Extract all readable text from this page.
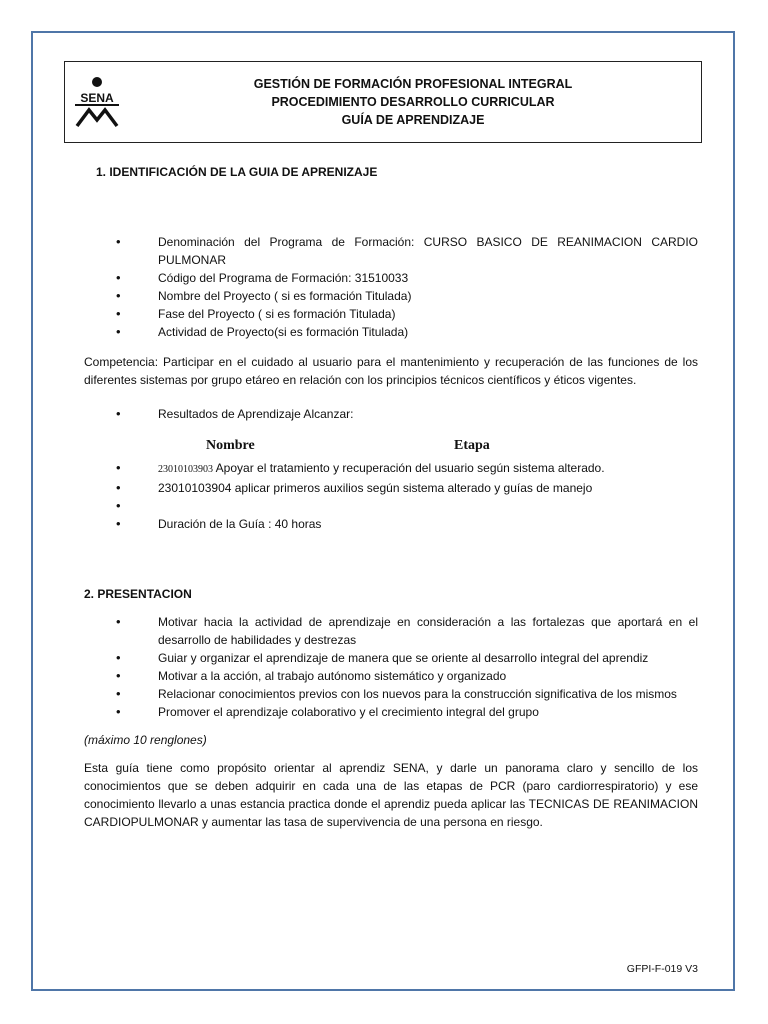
SENA
GESTIÓN DE FORMACIÓN PROFESIONAL INTEGRAL
PROCEDIMIENTO DESARROLLO CURRICULAR
GUÍA DE APRENDIZAJE
1. IDENTIFICACIÓN DE LA GUIA DE APRENIZAJE
• Denominación del Programa de Formación: CURSO BASICO DE REANIMACION CARDIO PULMONAR
• Código del Programa de Formación: 31510033
• Nombre del Proyecto ( si es formación Titulada)
• Fase del Proyecto ( si es formación Titulada)
• Actividad de Proyecto(si es formación Titulada)

Competencia: Participar en el cuidado al usuario para el mantenimiento y recuperación de las funciones de los diferentes sistemas por grupo etáreo en relación con los principios técnicos científicos y éticos vigentes.

• Resultados de Aprendizaje Alcanzar:
Nombre	Etapa
• 23010103903 Apoyar el tratamiento y recuperación del usuario según sistema alterado.
• 23010103904 aplicar primeros auxilios según sistema alterado y guías de manejo
•
• Duración de la Guía : 40 horas
2. PRESENTACION
• Motivar hacia la actividad de aprendizaje en consideración a las fortalezas que aportará en el desarrollo de habilidades y destrezas
• Guiar y organizar el aprendizaje de manera que se oriente al desarrollo integral del aprendiz
• Motivar a la acción, al trabajo autónomo sistemático y organizado
• Relacionar conocimientos previos con los nuevos para la construcción significativa de los mismos
• Promover el aprendizaje colaborativo y el crecimiento integral del grupo

(máximo 10 renglones)

Esta guía tiene como propósito orientar al aprendiz SENA, y darle un panorama claro y sencillo de los conocimientos que se deben adquirir en cada una de las etapas de PCR (paro cardiorrespiratorio) y ese conocimiento llevarlo a unas estancia practica donde el aprendiz pueda aplicar las TECNICAS DE REANIMACION CARDIOPULMONAR y aumentar las tasa de supervivencia de una persona en riesgo.

GFPI-F-019 V3
